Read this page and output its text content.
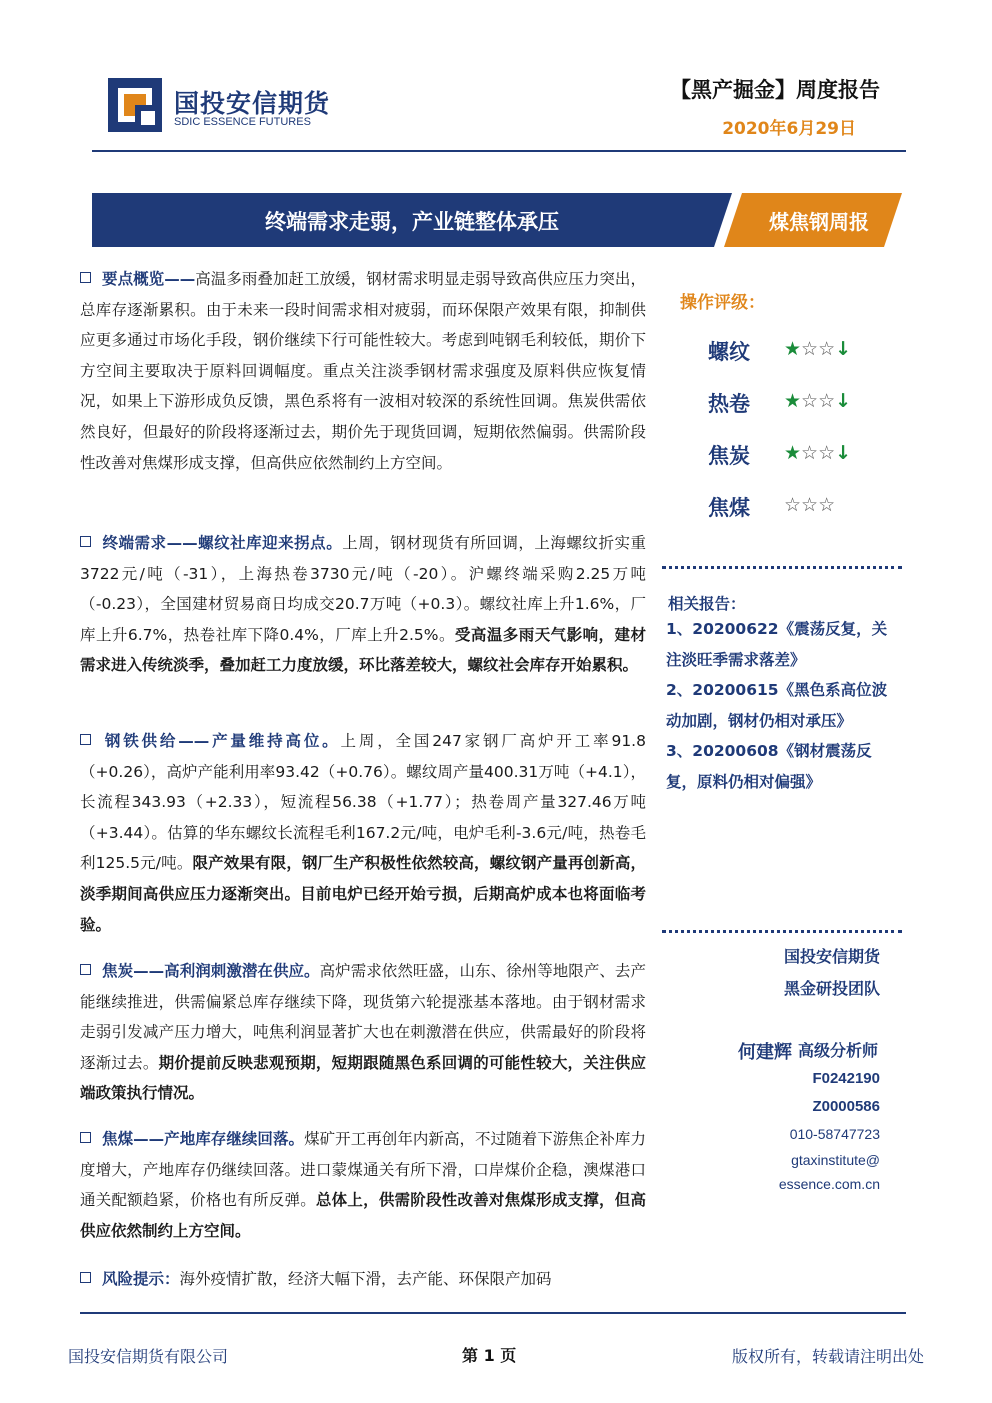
国投安信期货
SDIC ESSENCE FUTURES
【黑产掘金】周度报告
2020年6月29日
终端需求走弱，产业链整体承压	煤焦钢周报

要点概览——高温多雨叠加赶工放缓，钢材需求明显走弱导致高供应压力突出，总库存逐渐累积。由于未来一段时间需求相对疲弱，而环保限产效果有限，抑制供应更多通过市场化手段，钢价继续下行可能性较大。考虑到吨钢毛利较低，期价下方空间主要取决于原料回调幅度。重点关注淡季钢材需求强度及原料供应恢复情况，如果上下游形成负反馈，黑色系将有一波相对较深的系统性回调。焦炭供需依然良好，但最好的阶段将逐渐过去，期价先于现货回调，短期依然偏弱。供需阶段性改善对焦煤形成支撑，但高供应依然制约上方空间。

终端需求——螺纹社库迎来拐点。上周，钢材现货有所回调，上海螺纹折实重3722元/吨（-31），上海热卷3730元/吨（-20）。沪螺终端采购2.25万吨（-0.23），全国建材贸易商日均成交20.7万吨（+0.3）。螺纹社库上升1.6%，厂库上升6.7%，热卷社库下降0.4%，厂库上升2.5%。受高温多雨天气影响，建材需求进入传统淡季，叠加赶工力度放缓，环比落差较大，螺纹社会库存开始累积。

钢铁供给——产量维持高位。上周，全国247家钢厂高炉开工率91.8（+0.26），高炉产能利用率93.42（+0.76）。螺纹周产量400.31万吨（+4.1），长流程343.93（+2.33），短流程56.38（+1.77）；热卷周产量327.46万吨（+3.44）。估算的华东螺纹长流程毛利167.2元/吨，电炉毛利-3.6元/吨，热卷毛利125.5元/吨。限产效果有限，钢厂生产积极性依然较高，螺纹钢产量再创新高，淡季期间高供应压力逐渐突出。目前电炉已经开始亏损，后期高炉成本也将面临考验。

焦炭——高利润刺激潜在供应。高炉需求依然旺盛，山东、徐州等地限产、去产能继续推进，供需偏紧总库存继续下降，现货第六轮提涨基本落地。由于钢材需求走弱引发减产压力增大，吨焦利润显著扩大也在刺激潜在供应，供需最好的阶段将逐渐过去。期价提前反映悲观预期，短期跟随黑色系回调的可能性较大，关注供应端政策执行情况。

焦煤——产地库存继续回落。煤矿开工再创年内新高，不过随着下游焦企补库力度增大，产地库存仍继续回落。进口蒙煤通关有所下滑，口岸煤价企稳，澳煤港口通关配额趋紧，价格也有所反弹。总体上，供需阶段性改善对焦煤形成支撑，但高供应依然制约上方空间。

风险提示：海外疫情扩散，经济大幅下滑，去产能、环保限产加码

操作评级：
螺纹 ★☆☆↓
热卷 ★☆☆↓
焦炭 ★☆☆↓
焦煤 ☆☆☆
相关报告：

1、20200622《震荡反复，关注淡旺季需求落差》

2、20200615《黑色系高位波动加剧，钢材仍相对承压》

3、20200608《钢材震荡反复，原料仍相对偏强》

国投安信期货
黑金研投团队
何建辉 高级分析师
F0242190
Z0000586
010-58747723
gtaxinstitute@
essence.com.cn
国投安信期货有限公司	第 1 页	版权所有，转载请注明出处
